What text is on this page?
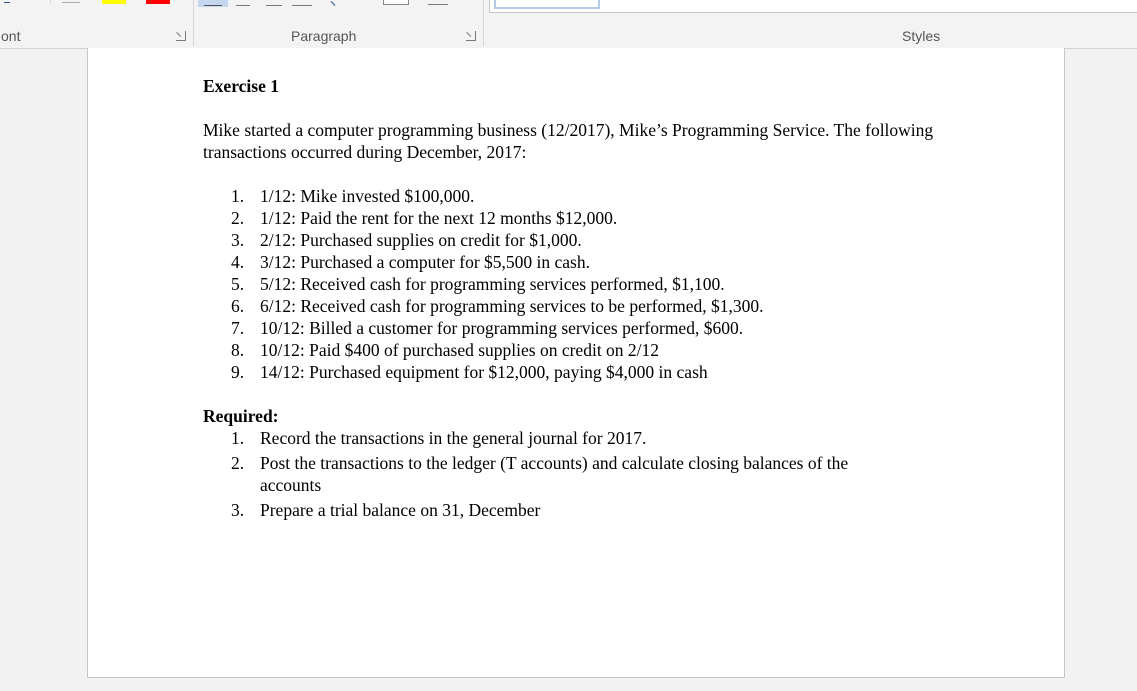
ont	Paragraph	Styles

Exercise 1

Mike started a computer programming business (12/2017), Mike’s Programming Service. The following transactions occurred during December, 2017:

1. 1/12: Mike invested $100,000.
2. 1/12: Paid the rent for the next 12 months $12,000.
3. 2/12: Purchased supplies on credit for $1,000.
4. 3/12: Purchased a computer for $5,500 in cash.
5. 5/12: Received cash for programming services performed, $1,100.
6. 6/12: Received cash for programming services to be performed, $1,300.
7. 10/12: Billed a customer for programming services performed, $600.
8. 10/12: Paid $400 of purchased supplies on credit on 2/12
9. 14/12: Purchased equipment for $12,000, paying $4,000 in cash

Required:

1. Record the transactions in the general journal for 2017.
2. Post the transactions to the ledger (T accounts) and calculate closing balances of the accounts
3. Prepare a trial balance on 31, December
